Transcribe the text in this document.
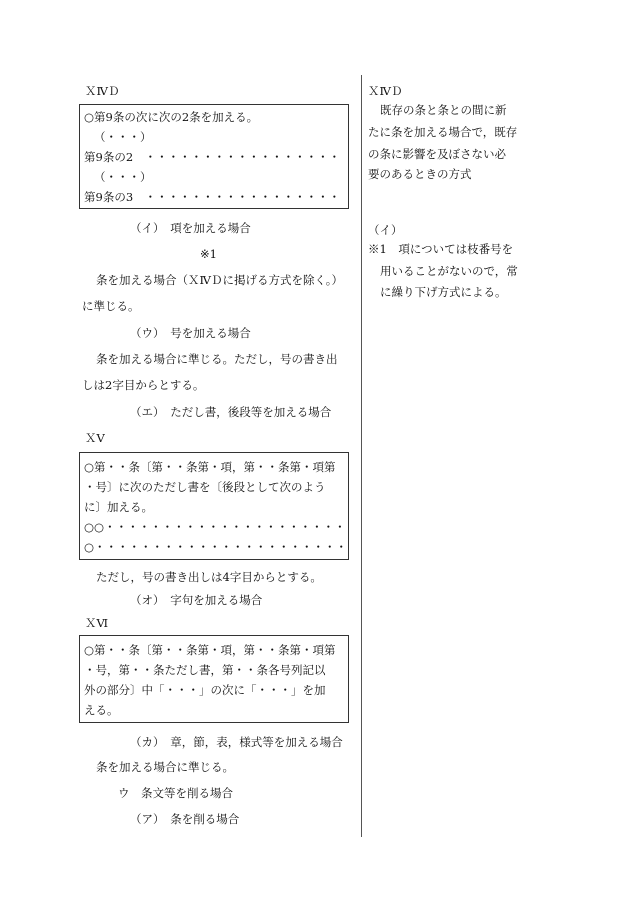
ＸⅣＤ
○第9条の次に次の2条を加える。
（・・・）
第9条の2　・・・・・・・・・・・・・・・・・
（・・・）
第9条の3　・・・・・・・・・・・・・・・・・
（イ）　項を加える場合
※1
条を加える場合（ＸⅣＤに掲げる方式を除く。）
に準じる。
（ウ）　号を加える場合
条を加える場合に準じる。ただし，号の書き出
しは2字目からとする。
（エ）　ただし書，後段等を加える場合
ＸⅤ
○第・・条〔第・・条第・項，第・・条第・項第
・号〕に次のただし書を〔後段として次のよう
に〕加える。
○○・・・・・・・・・・・・・・・・・・・・・
○・・・・・・・・・・・・・・・・・・・・・・
ただし，号の書き出しは4字目からとする。
（オ）　字句を加える場合
ＸⅥ
○第・・条〔第・・条第・項，第・・条第・項第
・号，第・・条ただし書，第・・条各号列記以
外の部分〕中「・・・」の次に「・・・」を加
える。
（カ）　章，節，表，様式等を加える場合
条を加える場合に準じる。
ウ　条文等を削る場合
（ア）　条を削る場合
ＸⅣＤ
既存の条と条との間に新
たに条を加える場合で，既存
の条に影響を及ぼさない必
要のあるときの方式
（イ）
※1　項については枝番号を
用いることがないので，常
に繰り下げ方式による。
